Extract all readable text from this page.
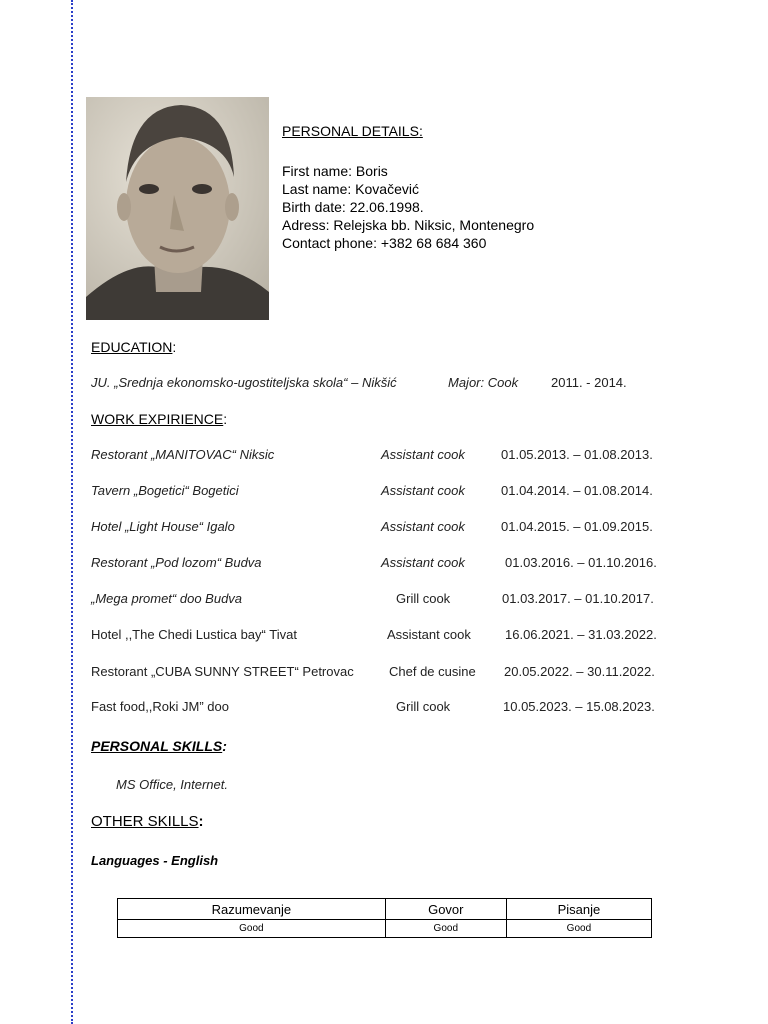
PERSONAL DETAILS:
First name: Boris
Last name: Kovačević
Birth date: 22.06.1998.
Adress: Relejska bb. Niksic, Montenegro
Contact phone: +382 68 684 360
EDUCATION:
JU. „Srednja ekonomsko-ugostiteljska skola“ – Nikšić	Major: Cook	2011. - 2014.
WORK EXPIRIENCE:
Restorant „MANITOVAC“ Niksic	Assistant cook	01.05.2013. – 01.08.2013.
Tavern „Bogetici“ Bogetici	Assistant cook	01.04.2014. – 01.08.2014.
Hotel „Light House“ Igalo	Assistant cook	01.04.2015. – 01.09.2015.
Restorant „Pod lozom“ Budva	Assistant cook	01.03.2016. – 01.10.2016.
„Mega promet“ doo Budva	Grill cook	01.03.2017. – 01.10.2017.
Hotel ,,The Chedi Lustica bay“ Tivat	Assistant cook	16.06.2021. – 31.03.2022.
Restorant „CUBA SUNNY STREET“ Petrovac	Chef de cusine 20.05.2022. – 30.11.2022.
Fast food,,Roki JM” doo	Grill cook	10.05.2023. – 15.08.2023.
PERSONAL SKILLS:
MS Office, Internet.
OTHER SKILLS:
Languages - English
Razumevanje	Govor	Pisanje
Good	Good	Good
